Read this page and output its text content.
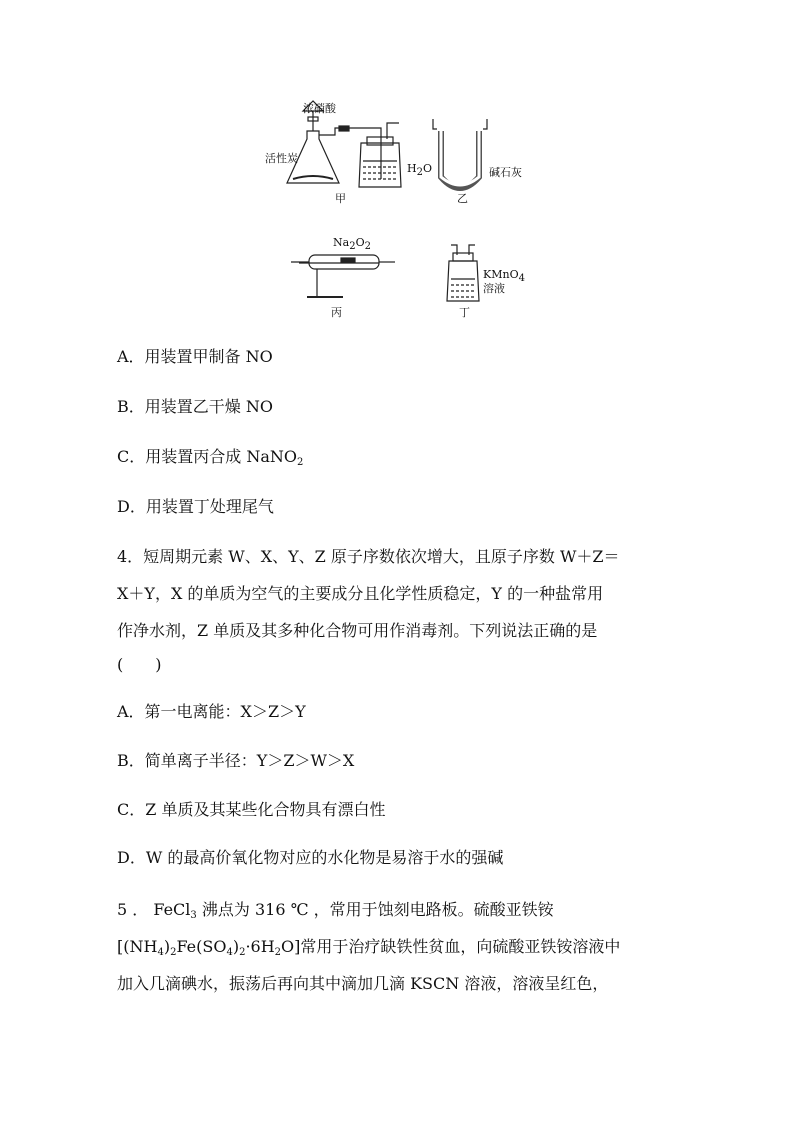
浓硝酸
活性炭
$H_2O$
甲
碱石灰
乙
$Na_2O_2$
丙
KMnO$_4$
溶液
丁
A．用装置甲制备 NO
B．用装置乙干燥 NO
C．用装置丙合成 NaNO$_2$
D．用装置丁处理尾气
4．短周期元素 W、X、Y、Z 原子序数依次增大，且原子序数 W＋Z＝
X＋Y，X 的单质为空气的主要成分且化学性质稳定，Y 的一种盐常用
作净水剂，Z 单质及其多种化合物可用作消毒剂。下列说法正确的是
(　　)
A．第一电离能：X＞Z＞Y
B．简单离子半径：Y＞Z＞W＞X
C．Z 单质及其某些化合物具有漂白性
D．W 的最高价氧化物对应的水化物是易溶于水的强碱
5 ． FeCl$_3$ 沸点为 316 ℃ ，常用于蚀刻电路板。硫酸亚铁铵
$[(NH_4)_2Fe(SO_4)_2\cdot 6H_2O]$常用于治疗缺铁性贫血，向硫酸亚铁铵溶液中
加入几滴碘水，振荡后再向其中滴加几滴 KSCN 溶液，溶液呈红色，
